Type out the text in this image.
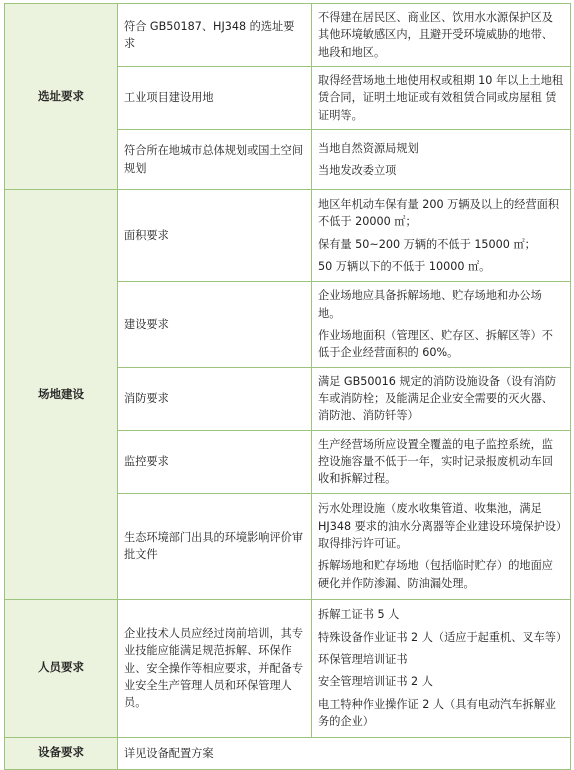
选址要求	符合 GB50187、HJ348 的选址要求	不得建在居民区、商业区、饮用水水源保护区及其他环境敏感区内，且避开受环境威胁的地带、地段和地区。

	工业项目建设用地	取得经营场地土地使用权或租期 10 年以上土地租赁合同，证明土地证或有效租赁合同或房屋租 赁证明等。

	符合所在地城市总体规划或国土空间规划	当地自然资源局规划

当地发改委立项

场地建设	面积要求	地区年机动车保有量 200 万辆及以上的经营面积不低于 20000 ㎡；

保有量 50~200 万辆的不低于 15000 ㎡；

50 万辆以下的不低于 10000 ㎡。

	建设要求	企业场地应具备拆解场地、贮存场地和办公场地。

作业场地面积（管理区、贮存区、拆解区等）不低于企业经营面积的 60%。

	消防要求	满足 GB50016 规定的消防设施设备（设有消防车或消防栓；及能满足企业安全需要的灭火器、消防池、消防钎等）

	监控要求	生产经营场所应设置全覆盖的电子监控系统，监控设施容量不低于一年，实时记录报废机动车回收和拆解过程。

	生态环境部门出具的环境影响评价审批文件	污水处理设施（废水收集管道、收集池，满足 HJ348 要求的油水分离器等企业建设环境保护设）取得排污许可证。

拆解场地和贮存场地（包括临时贮存）的地面应硬化并作防渗漏、防油漏处理。

人员要求	企业技术人员应经过岗前培训，其专业技能应能满足规范拆解、环保作业、安全操作等相应要求，并配备专业安全生产管理人员和环保管理人员。	拆解工证书 5 人

特殊设备作业证书 2 人（适应于起重机、叉车等）

环保管理培训证书

安全管理培训证书 2 人

电工特种作业操作证 2 人（具有电动汽车拆解业务的企业）

设备要求	详见设备配置方案	
